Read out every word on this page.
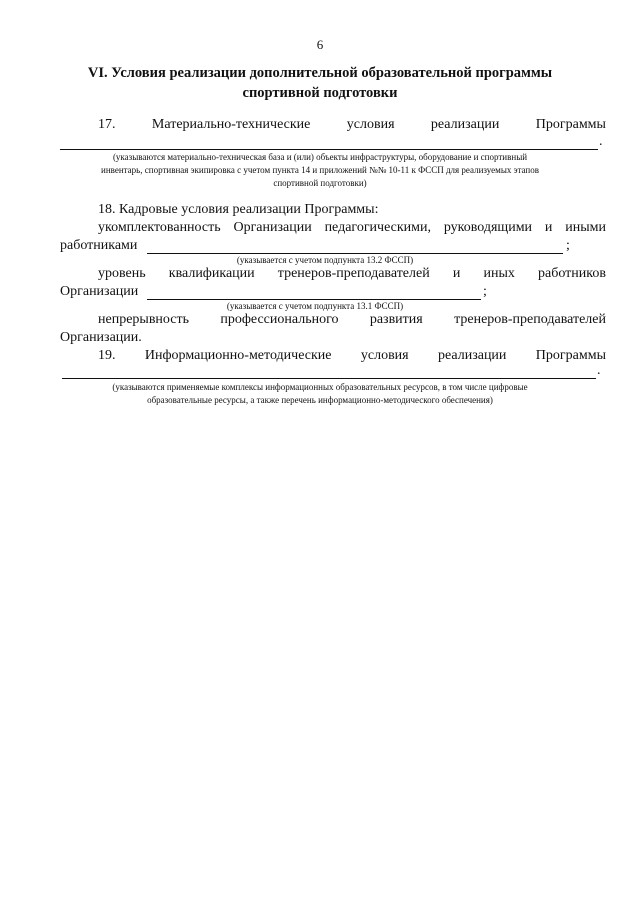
6
VI. Условия реализации дополнительной образовательной программы
спортивной подготовки
17.	Материально-технические	условия	реализации	Программы
.
(указываются материально-техническая база и (или) объекты инфраструктуры, оборудование и спортивный
инвентарь, спортивная экипировка с учетом пункта 14 и приложений №№ 10-11 к ФССП для реализуемых этапов
спортивной подготовки)
18. Кадровые условия реализации Программы:
укомплектованность Организации педагогическими, руководящими и иными
работниками	;
(указывается с учетом подпункта 13.2 ФССП)
уровень квалификации тренеров-преподавателей и иных работников
Организации	;
(указывается с учетом подпункта 13.1 ФССП)
непрерывность профессионального развития тренеров-преподавателей
Организации.
19. Информационно-методические условия реализации Программы
.
(указываются применяемые комплексы информационных образовательных ресурсов, в том числе цифровые
образовательные ресурсы, а также перечень информационно-методического обеспечения)
